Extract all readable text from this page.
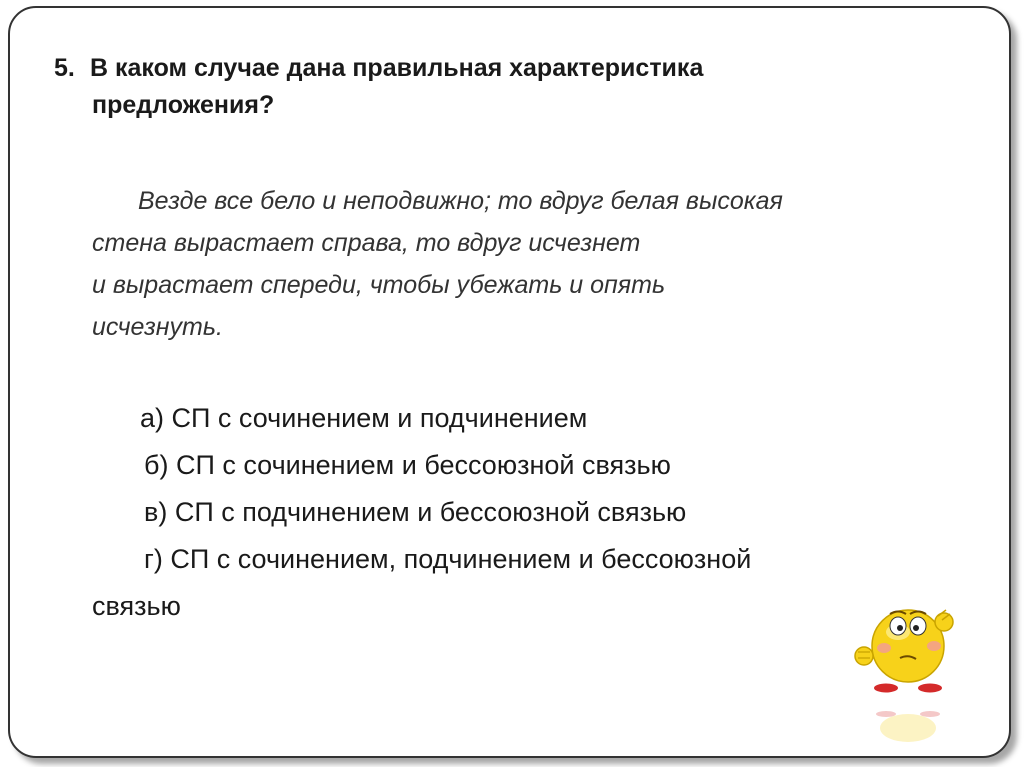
5. В каком случае дана правильная характеристика
предложения?
Везде все бело и неподвижно; то вдруг белая высокая
стена вырастает справа, то вдруг исчезнет
и вырастает спереди, чтобы убежать и опять
исчезнуть.
а) СП с сочинением и подчинением
б) СП с сочинением и бессоюзной связью
в) СП с подчинением и бессоюзной связью
г) СП с сочинением, подчинением и бессоюзной
связью
